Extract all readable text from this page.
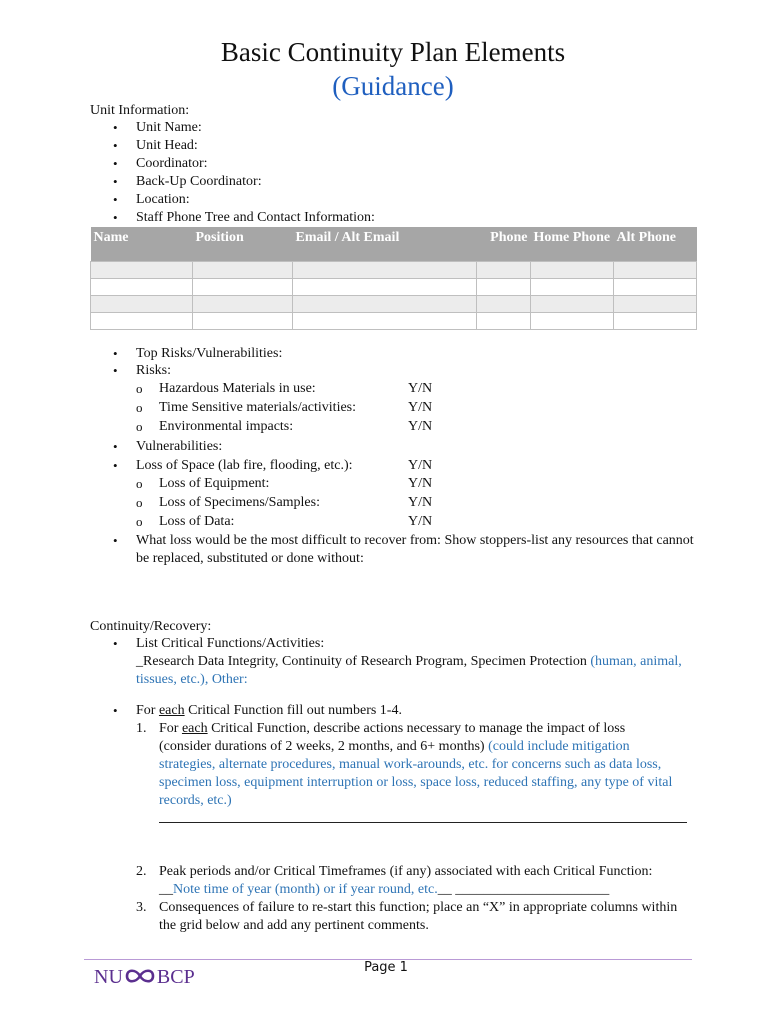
Basic Continuity Plan Elements
(Guidance)
Unit Information:
• Unit Name:
• Unit Head:
• Coordinator:
• Back-Up Coordinator:
• Location:
• Staff Phone Tree and Contact Information:
Name	Position	Email / Alt Email	Phone	Home Phone	Alt Phone

• Top Risks/Vulnerabilities:
• Risks:
o Hazardous Materials in use:	Y/N
o Time Sensitive materials/activities:	Y/N
o Environmental impacts:	Y/N
• Vulnerabilities:
• Loss of Space (lab fire, flooding, etc.):	Y/N
o Loss of Equipment:	Y/N
o Loss of Specimens/Samples:	Y/N
o Loss of Data:	Y/N
• What loss would be the most difficult to recover from: Show stoppers-list any resources that cannot be replaced, substituted or done without:
Continuity/Recovery:
• List Critical Functions/Activities:
_Research Data Integrity, Continuity of Research Program, Specimen Protection (human, animal, tissues, etc.), Other:
• For each Critical Function fill out numbers 1-4.
1. For each Critical Function, describe actions necessary to manage the impact of loss (consider durations of 2 weeks, 2 months, and 6+ months) (could include mitigation strategies, alternate procedures, manual work-arounds, etc. for concerns such as data loss, specimen loss, equipment interruption or loss, space loss, reduced staffing, any type of vital records, etc.)
2. Peak periods and/or Critical Timeframes (if any) associated with each Critical Function:
__Note time of year (month) or if year round, etc.__ ______________________
3. Consequences of failure to re-start this function; place an “X” in appropriate columns within the grid below and add any pertinent comments.
NU BCP	Page 1
